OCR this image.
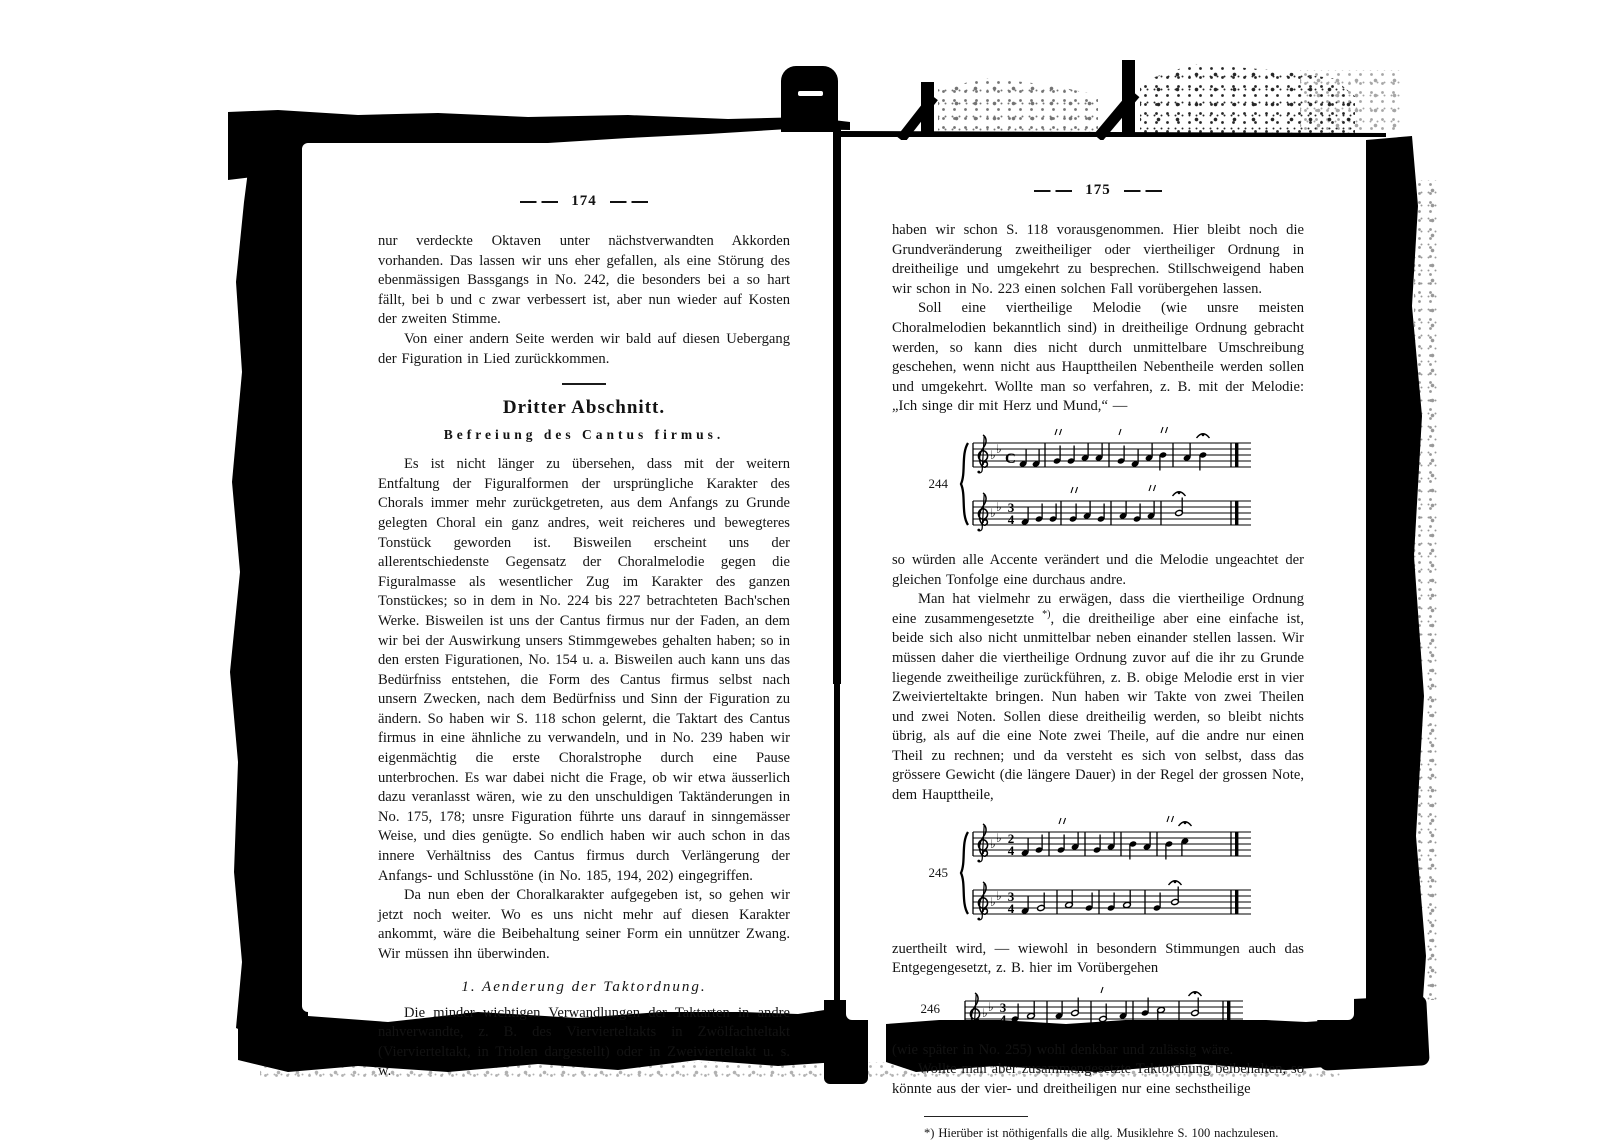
174

nur verdeckte Oktaven unter nächstverwandten Akkorden vorhanden. Das lassen wir uns eher gefallen, als eine Störung des ebenmässigen Bassgangs in No. 242, die besonders bei a so hart fällt, bei b und c zwar verbessert ist, aber nun wieder auf Kosten der zweiten Stimme.

Von einer andern Seite werden wir bald auf diesen Uebergang der Figuration in Lied zurückkommen.

Dritter Abschnitt.
Befreiung des Cantus firmus.

Es ist nicht länger zu übersehen, dass mit der weitern Entfaltung der Figuralformen der ursprüngliche Karakter des Chorals immer mehr zurückgetreten, aus dem Anfangs zu Grunde gelegten Choral ein ganz andres, weit reicheres und bewegteres Tonstück geworden ist. Bisweilen erscheint uns der allerentschiedenste Gegensatz der Choralmelodie gegen die Figuralmasse als wesentlicher Zug im Karakter des ganzen Tonstückes; so in dem in No. 224 bis 227 betrachteten Bach'schen Werke. Bisweilen ist uns der Cantus firmus nur der Faden, an dem wir bei der Auswirkung unsers Stimmgewebes gehalten haben; so in den ersten Figurationen, No. 154 u. a. Bisweilen auch kann uns das Bedürfniss entstehen, die Form des Cantus firmus selbst nach unsern Zwecken, nach dem Bedürfniss und Sinn der Figuration zu ändern. So haben wir S. 118 schon gelernt, die Taktart des Cantus firmus in eine ähnliche zu verwandeln, und in No. 239 haben wir eigenmächtig die erste Choralstrophe durch eine Pause unterbrochen. Es war dabei nicht die Frage, ob wir etwa äusserlich dazu veranlasst wären, wie zu den unschuldigen Taktänderungen in No. 175, 178; unsre Figuration führte uns darauf in sinngemässer Weise, und dies genügte. So endlich haben wir auch schon in das innere Verhältniss des Cantus firmus durch Verlängerung der Anfangs- und Schlusstöne (in No. 185, 194, 202) eingegriffen.

Da nun eben der Choralkarakter aufgegeben ist, so gehen wir jetzt noch weiter. Wo es uns nicht mehr auf diesen Karakter ankommt, wäre die Beibehaltung seiner Form ein unnützer Zwang. Wir müssen ihn überwinden.

1. Aenderung der Taktordnung.

Die minder wichtigen Verwandlungen der Taktarten in andre nahverwandte, z. B. des Viervierteltakts in Zwölfachteltakt (Viervierteltakt, in Triolen dargestellt) oder in Zweivierteltakt u. s. w.

175

haben wir schon S. 118 vorausgenommen. Hier bleibt noch die Grundveränderung zweitheiliger oder viertheiliger Ordnung in dreitheilige und umgekehrt zu besprechen. Stillschweigend haben wir schon in No. 223 einen solchen Fall vorübergehen lassen.

Soll eine viertheilige Melodie (wie unsre meisten Choralmelodien bekanntlich sind) in dreitheilige Ordnung gebracht werden, so kann dies nicht durch unmittelbare Umschreibung geschehen, wenn nicht aus Haupttheilen Nebentheile werden sollen und umgekehrt. Wollte man so verfahren, z. B. mit der Melodie: „Ich singe dir mit Herz und Mund,“ —

244
♭ ♭
C
♭ ♭ 3
4

so würden alle Accente verändert und die Melodie ungeachtet der gleichen Tonfolge eine durchaus andre.

Man hat vielmehr zu erwägen, dass die viertheilige Ordnung eine zusammengesetzte *), die dreitheilige aber eine einfache ist, beide sich also nicht unmittelbar neben einander stellen lassen. Wir müssen daher die viertheilige Ordnung zuvor auf die ihr zu Grunde liegende zweitheilige zurückführen, z. B. obige Melodie erst in vier Zweivierteltakte bringen. Nun haben wir Takte von zwei Theilen und zwei Noten. Sollen diese dreitheilig werden, so bleibt nichts übrig, als auf die eine Note zwei Theile, auf die andre nur einen Theil zu rechnen; und da versteht es sich von selbst, dass das grössere Gewicht (die längere Dauer) in der Regel der grossen Note, dem Haupttheile,

245
♭ ♭ 2
4
♭ ♭ 3
4

zuertheilt wird, — wiewohl in besondern Stimmungen auch das Entgegengesetzt, z. B. hier im Vorübergehen

246	♭ ♭ 3
4

(wie später in No. 255) wohl denkbar und zulässig wäre.

Wollte man aber zusammengesetzte Taktordnung beibehalten, so könnte aus der vier- und dreitheiligen nur eine sechstheilige

*) Hierüber ist nöthigenfalls die allg. Musiklehre S. 100 nachzulesen.
